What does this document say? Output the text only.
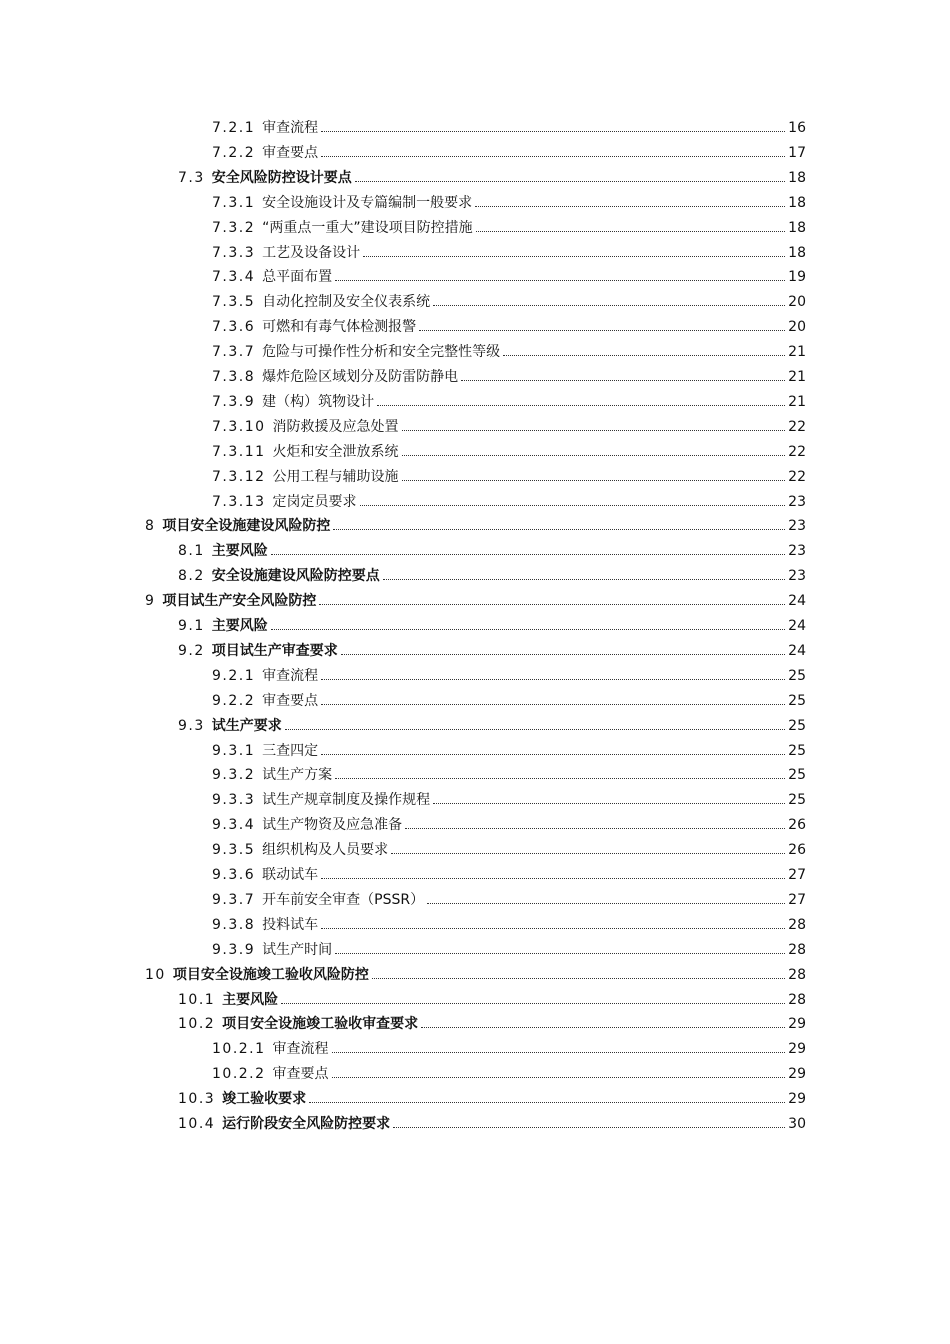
7.2.1 审查流程	16
7.2.2 审查要点	17
7.3 安全风险防控设计要点	18
7.3.1 安全设施设计及专篇编制一般要求	18
7.3.2 “两重点一重大”建设项目防控措施	18
7.3.3 工艺及设备设计	18
7.3.4 总平面布置	19
7.3.5 自动化控制及安全仪表系统	20
7.3.6 可燃和有毒气体检测报警	20
7.3.7 危险与可操作性分析和安全完整性等级	21
7.3.8 爆炸危险区域划分及防雷防静电	21
7.3.9 建（构）筑物设计	21
7.3.10 消防救援及应急处置	22
7.3.11 火炬和安全泄放系统	22
7.3.12 公用工程与辅助设施	22
7.3.13 定岗定员要求	23
8 项目安全设施建设风险防控	23
8.1 主要风险	23
8.2 安全设施建设风险防控要点	23
9 项目试生产安全风险防控	24
9.1 主要风险	24
9.2 项目试生产审查要求	24
9.2.1 审查流程	25
9.2.2 审查要点	25
9.3 试生产要求	25
9.3.1 三查四定	25
9.3.2 试生产方案	25
9.3.3 试生产规章制度及操作规程	25
9.3.4 试生产物资及应急准备	26
9.3.5 组织机构及人员要求	26
9.3.6 联动试车	27
9.3.7 开车前安全审查（PSSR）	27
9.3.8 投料试车	28
9.3.9 试生产时间	28
10 项目安全设施竣工验收风险防控	28
10.1 主要风险	28
10.2 项目安全设施竣工验收审查要求	29
10.2.1 审查流程	29
10.2.2 审查要点	29
10.3 竣工验收要求	29
10.4 运行阶段安全风险防控要求	30
